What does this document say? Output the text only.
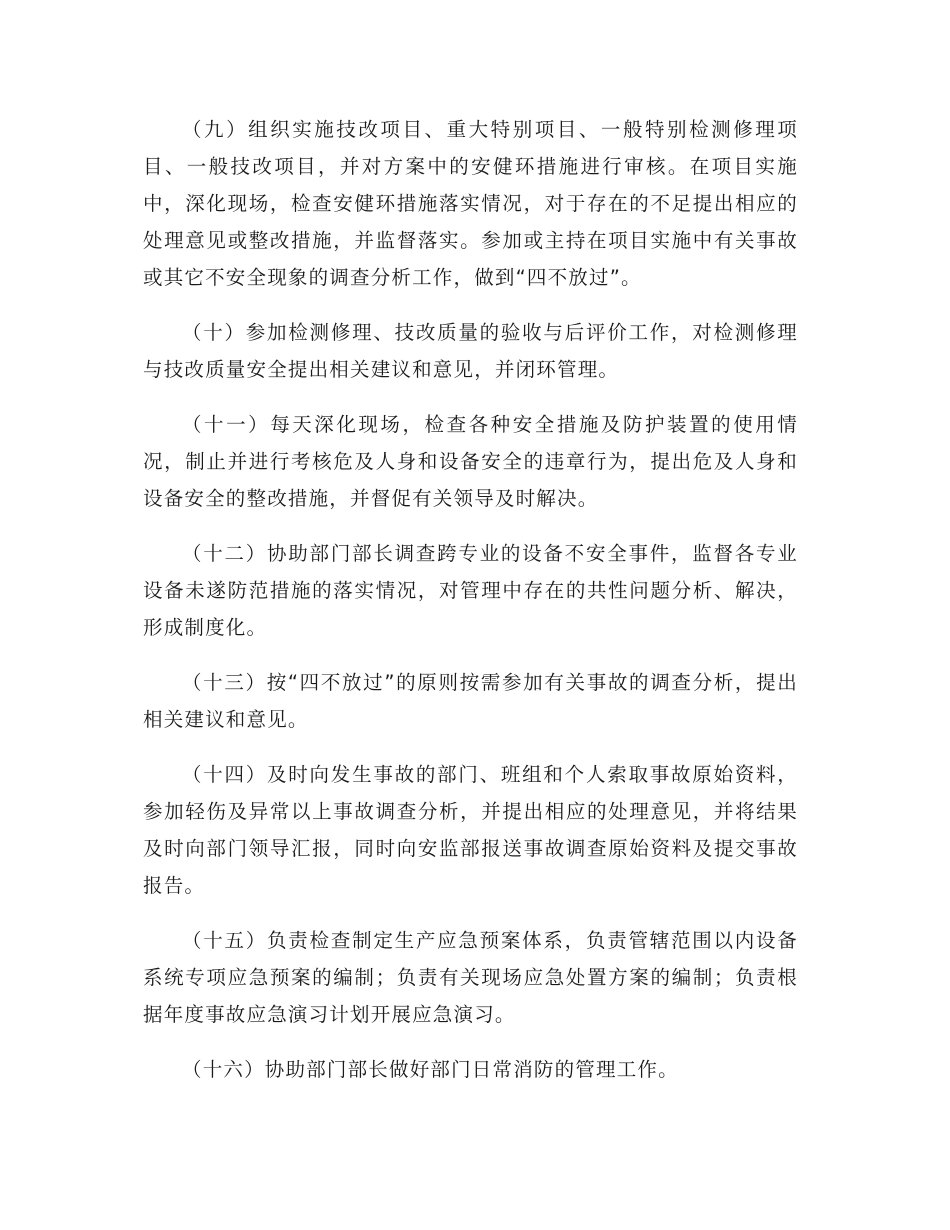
（九）组织实施技改项目、重大特别项目、一般特别检测修理项目、一般技改项目，并对方案中的安健环措施进行审核。在项目实施中，深化现场，检查安健环措施落实情况，对于存在的不足提出相应的处理意见或整改措施，并监督落实。参加或主持在项目实施中有关事故或其它不安全现象的调查分析工作，做到“四不放过”。

（十）参加检测修理、技改质量的验收与后评价工作，对检测修理与技改质量安全提出相关建议和意见，并闭环管理。

（十一）每天深化现场，检查各种安全措施及防护装置的使用情况，制止并进行考核危及人身和设备安全的违章行为，提出危及人身和设备安全的整改措施，并督促有关领导及时解决。

（十二）协助部门部长调查跨专业的设备不安全事件，监督各专业设备未遂防范措施的落实情况，对管理中存在的共性问题分析、解决，形成制度化。

（十三）按“四不放过”的原则按需参加有关事故的调查分析，提出相关建议和意见。

（十四）及时向发生事故的部门、班组和个人索取事故原始资料，参加轻伤及异常以上事故调查分析，并提出相应的处理意见，并将结果及时向部门领导汇报，同时向安监部报送事故调查原始资料及提交事故报告。

（十五）负责检查制定生产应急预案体系，负责管辖范围以内设备系统专项应急预案的编制；负责有关现场应急处置方案的编制；负责根据年度事故应急演习计划开展应急演习。

（十六）协助部门部长做好部门日常消防的管理工作。
